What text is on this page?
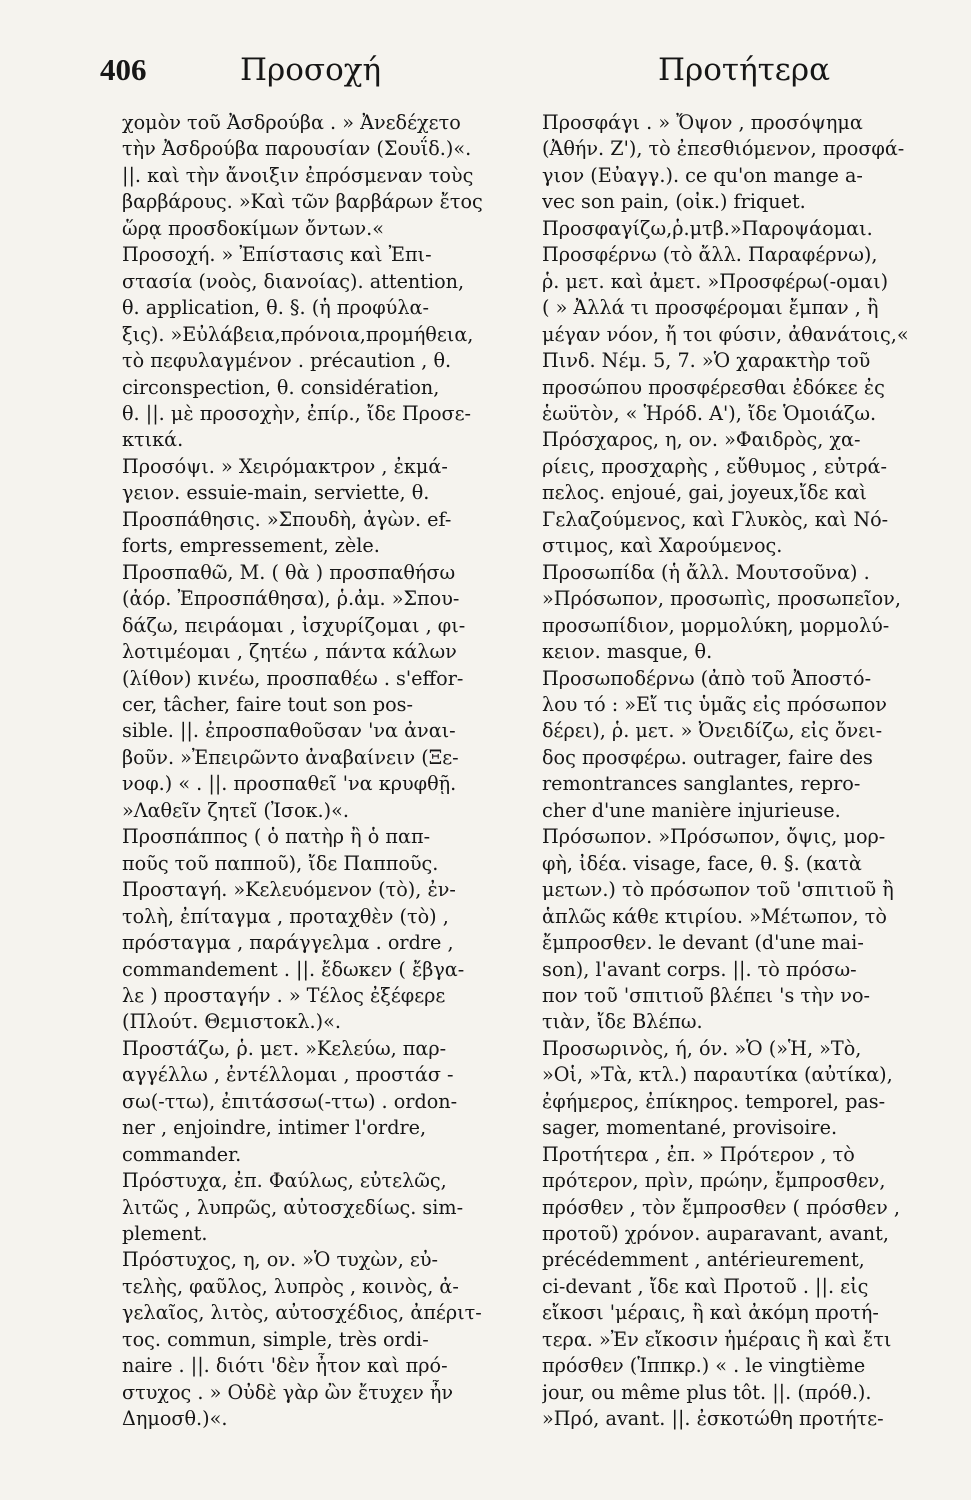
406	Προσοχή	Προτήτερα
χομὸν τοῦ Ἀσδρούβα . » Ἀνεδέχετο
τὴν Ἀσδρούβα παρουσίαν (Σουΐδ.)«.
||. καὶ τὴν ἄνοιξιν ἐπρόσμεναν τοὺς
βαρβάρους. »Καὶ τῶν βαρβάρων ἔτος
ὥρᾳ προσδοκίμων ὄντων.«
Προσοχή. » Ἐπίστασις καὶ Ἐπι-
στασία (νοὸς, διανοίας). attention,
θ. application, θ. §. (ἡ προφύλα-
ξις). »Εὐλάβεια,πρόνοια,προμήθεια,
τὸ πεφυλαγμένον . précaution , θ.
circonspection, θ. considération,
θ. ||. μὲ προσοχὴν, ἐπίρ., ἴδε Προσε-
κτικά.
Προσόψι. » Χειρόμακτρον , ἐκμά-
γειον. essuie-main, serviette, θ.
Προσπάθησις. »Σπουδὴ, ἀγὼν. ef-
forts, empressement, zèle.
Προσπαθῶ, Μ. ( θὰ ) προσπαθήσω
(ἀόρ. Ἐπροσπάθησα), ῥ.ἀμ. »Σπου-
δάζω, πειράομαι , ἰσχυρίζομαι , φι-
λοτιμέομαι , ζητέω , πάντα κάλων
(λίθον) κινέω, προσπαθέω . s'effor-
cer, tâcher, faire tout son pos-
sible. ||. ἐπροσπαθοῦσαν 'να ἀναι-
βοῦν. »Ἐπειρῶντο ἀναβαίνειν (Ξε-
νοφ.) « . ||. προσπαθεῖ 'να κρυφθῇ.
»Λαθεῖν ζητεῖ (Ἰσοκ.)«.
Προσπάππος ( ὁ πατὴρ ἢ ὁ παπ-
ποῦς τοῦ παπποῦ), ἴδε Παπποῦς.
Προσταγή. »Κελευόμενον (τὸ), ἐν-
τολὴ, ἐπίταγμα , προταχθὲν (τὸ) ,
πρόσταγμα , παράγγελμα . ordre ,
commandement . ||. ἔδωκεν ( ἔβγα-
λε ) προσταγήν . » Τέλος ἐξέφερε
(Πλούτ. Θεμιστοκλ.)«.
Προστάζω, ῥ. μετ. »Κελεύω, παρ-
αγγέλλω , ἐντέλλομαι , προστάσ -
σω(-ττω), ἐπιτάσσω(-ττω) . ordon-
ner , enjoindre, intimer l'ordre,
commander.
Πρόστυχα, ἐπ. Φαύλως, εὐτελῶς,
λιτῶς , λυπρῶς, αὐτοσχεδίως. sim-
plement.
Πρόστυχος, η, ον. »Ὁ τυχὼν, εὐ-
τελὴς, φαῦλος, λυπρὸς , κοινὸς, ἀ-
γελαῖος, λιτὸς, αὐτοσχέδιος, ἀπέριτ-
τος. commun, simple, très ordi-
naire . ||. διότι 'δὲν ἦτον καὶ πρό-
στυχος . » Οὐδὲ γὰρ ὢν ἔτυχεν ἦν
Δημοσθ.)«.
Προσφάγι . » Ὄψον , προσόψημα
(Ἀθήν. Ζ'), τὸ ἐπεσθιόμενον, προσφά-
γιον (Εὐαγγ.). ce qu'on mange a-
vec son pain, (οἰκ.) friquet.
Προσφαγίζω,ῥ.μτβ.»Παροψάομαι.
Προσφέρνω (τὸ ἄλλ. Παραφέρνω),
ῥ. μετ. καὶ ἀμετ. »Προσφέρω(-ομαι)
( » Ἀλλά τι προσφέρομαι ἔμπαν , ἢ
μέγαν νόον, ἤ τοι φύσιν, ἀθανάτοις,«
Πινδ. Νέμ. 5, 7. »Ὁ χαρακτὴρ τοῦ
προσώπου προσφέρεσθαι ἐδόκεε ἐς
ἑωϋτὸν, « Ἡρόδ. Α'), ἴδε Ὁμοιάζω.
Πρόσχαρος, η, ον. »Φαιδρὸς, χα-
ρίεις, προσχαρὴς , εὔθυμος , εὐτρά-
πελος. enjoué, gai, joyeux,ἴδε καὶ
Γελαζούμενος, καὶ Γλυκὸς, καὶ Νό-
στιμος, καὶ Χαρούμενος.
Προσωπίδα (ἡ ἄλλ. Μουτσοῦνα) .
»Πρόσωπον, προσωπὶς, προσωπεῖον,
προσωπίδιον, μορμολύκη, μορμολύ-
κειον. masque, θ.
Προσωποδέρνω (ἀπὸ τοῦ Ἀποστό-
λου τό : »Εἴ τις ὑμᾶς εἰς πρόσωπον
δέρει), ῥ. μετ. » Ὀνειδίζω, εἰς ὄνει-
δος προσφέρω. outrager, faire des
remontrances sanglantes, repro-
cher d'une manière injurieuse.
Πρόσωπον. »Πρόσωπον, ὄψις, μορ-
φὴ, ἰδέα. visage, face, θ. §. (κατὰ
μετων.) τὸ πρόσωπον τοῦ 'σπιτιοῦ ἢ
ἁπλῶς κάθε κτιρίου. »Μέτωπον, τὸ
ἔμπροσθεν. le devant (d'une mai-
son), l'avant corps. ||. τὸ πρόσω-
πον τοῦ 'σπιτιοῦ βλέπει 's τὴν νο-
τιὰν, ἴδε Βλέπω.
Προσωρινὸς, ή, όν. »Ὁ (»Ἡ, »Τὸ,
»Οἱ, »Τὰ, κτλ.) παραυτίκα (αὐτίκα),
ἐφήμερος, ἐπίκηρος. temporel, pas-
sager, momentané, provisoire.
Προτήτερα , ἐπ. » Πρότερον , τὸ
πρότερον, πρὶν, πρώην, ἔμπροσθεν,
πρόσθεν , τὸν ἔμπροσθεν ( πρόσθεν ,
προτοῦ) χρόνον. auparavant, avant,
précédemment , antérieurement,
ci-devant , ἴδε καὶ Προτοῦ . ||. εἰς
εἴκοσι 'μέραις, ἢ καὶ ἀκόμη προτή-
τερα. »Ἐν εἴκοσιν ἡμέραις ἢ καὶ ἔτι
πρόσθεν (Ἱππκρ.) « . le vingtième
jour, ou même plus tôt. ||. (πρόθ.).
»Πρό, avant. ||. ἐσκοτώθη προτήτε-
